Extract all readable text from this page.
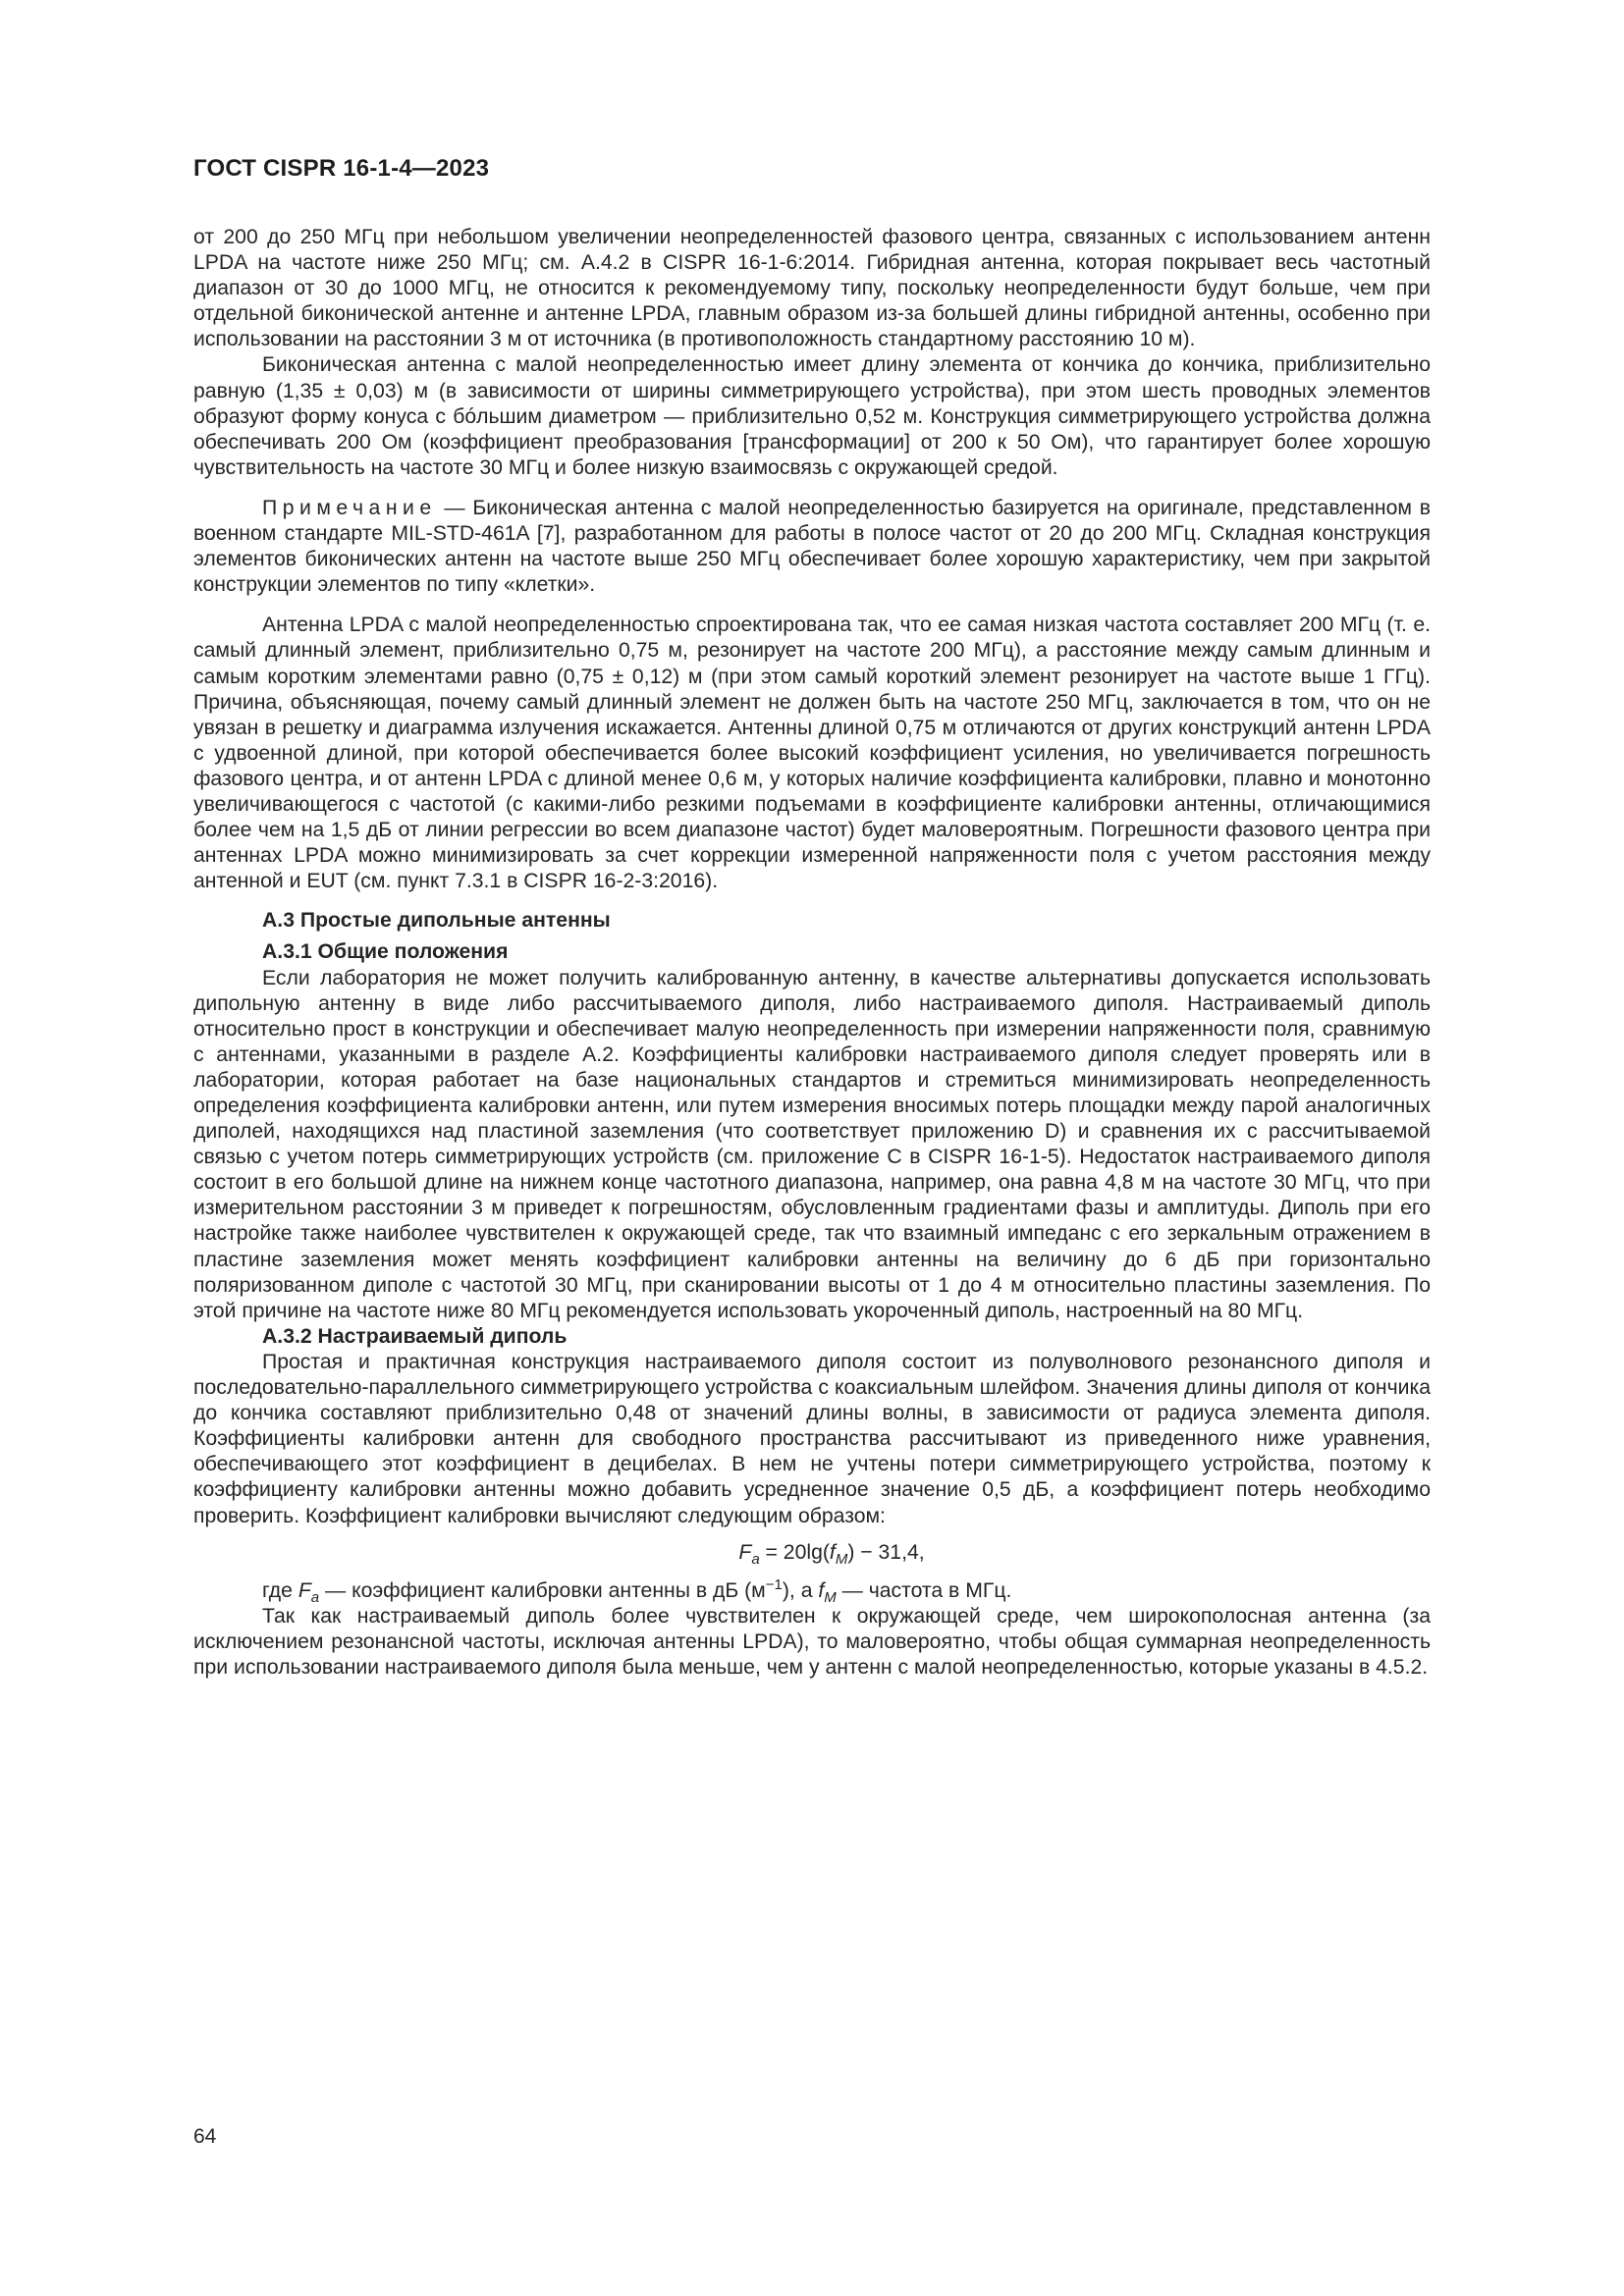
ГОСТ CISPR 16-1-4—2023

от 200 до 250 МГц при небольшом увеличении неопределенностей фазового центра, связанных с использованием антенн LPDA на частоте ниже 250 МГц; см. А.4.2 в CISPR 16-1-6:2014. Гибридная антенна, которая покрывает весь частотный диапазон от 30 до 1000 МГц, не относится к рекомендуемому типу, поскольку неопределенности будут больше, чем при отдельной биконической антенне и антенне LPDA, главным образом из-за большей длины гибридной антенны, особенно при использовании на расстоянии 3 м от источника (в противоположность стандартному расстоянию 10 м).

Биконическая антенна с малой неопределенностью имеет длину элемента от кончика до кончика, приблизительно равную (1,35 ± 0,03) м (в зависимости от ширины симметрирующего устройства), при этом шесть проводных элементов образуют форму конуса с бóльшим диаметром — приблизительно 0,52 м. Конструкция симметрирующего устройства должна обеспечивать 200 Ом (коэффициент преобразования [трансформации] от 200 к 50 Ом), что гарантирует более хорошую чувствительность на частоте 30 МГц и более низкую взаимосвязь с окружающей средой.

Примечание — Биконическая антенна с малой неопределенностью базируется на оригинале, представленном в военном стандарте MIL-STD-461A [7], разработанном для работы в полосе частот от 20 до 200 МГц. Складная конструкция элементов биконических антенн на частоте выше 250 МГц обеспечивает более хорошую характеристику, чем при закрытой конструкции элементов по типу «клетки».

Антенна LPDA с малой неопределенностью спроектирована так, что ее самая низкая частота составляет 200 МГц (т. е. самый длинный элемент, приблизительно 0,75 м, резонирует на частоте 200 МГц), а расстояние между самым длинным и самым коротким элементами равно (0,75 ± 0,12) м (при этом самый короткий элемент резонирует на частоте выше 1 ГГц). Причина, объясняющая, почему самый длинный элемент не должен быть на частоте 250 МГц, заключается в том, что он не увязан в решетку и диаграмма излучения искажается. Антенны длиной 0,75 м отличаются от других конструкций антенн LPDA с удвоенной длиной, при которой обеспечивается более высокий коэффициент усиления, но увеличивается погрешность фазового центра, и от антенн LPDA с длиной менее 0,6 м, у которых наличие коэффициента калибровки, плавно и монотонно увеличивающегося с частотой (с какими-либо резкими подъемами в коэффициенте калибровки антенны, отличающимися более чем на 1,5 дБ от линии регрессии во всем диапазоне частот) будет маловероятным. Погрешности фазового центра при антеннах LPDA можно минимизировать за счет коррекции измеренной напряженности поля с учетом расстояния между антенной и EUT (см. пункт 7.3.1 в CISPR 16-2-3:2016).

А.3 Простые дипольные антенны
А.3.1 Общие положения

Если лаборатория не может получить калиброванную антенну, в качестве альтернативы допускается использовать дипольную антенну в виде либо рассчитываемого диполя, либо настраиваемого диполя. Настраиваемый диполь относительно прост в конструкции и обеспечивает малую неопределенность при измерении напряженности поля, сравнимую с антеннами, указанными в разделе А.2. Коэффициенты калибровки настраиваемого диполя следует проверять или в лаборатории, которая работает на базе национальных стандартов и стремиться минимизировать неопределенность определения коэффициента калибровки антенн, или путем измерения вносимых потерь площадки между парой аналогичных диполей, находящихся над пластиной заземления (что соответствует приложению D) и сравнения их с рассчитываемой связью с учетом потерь симметрирующих устройств (см. приложение С в CISPR 16-1-5). Недостаток настраиваемого диполя состоит в его большой длине на нижнем конце частотного диапазона, например, она равна 4,8 м на частоте 30 МГц, что при измерительном расстоянии 3 м приведет к погрешностям, обусловленным градиентами фазы и амплитуды. Диполь при его настройке также наиболее чувствителен к окружающей среде, так что взаимный импеданс с его зеркальным отражением в пластине заземления может менять коэффициент калибровки антенны на величину до 6 дБ при горизонтально поляризованном диполе с частотой 30 МГц, при сканировании высоты от 1 до 4 м относительно пластины заземления. По этой причине на частоте ниже 80 МГц рекомендуется использовать укороченный диполь, настроенный на 80 МГц.

А.3.2 Настраиваемый диполь

Простая и практичная конструкция настраиваемого диполя состоит из полуволнового резонансного диполя и последовательно-параллельного симметрирующего устройства с коаксиальным шлейфом. Значения длины диполя от кончика до кончика составляют приблизительно 0,48 от значений длины волны, в зависимости от радиуса элемента диполя. Коэффициенты калибровки антенн для свободного пространства рассчитывают из приведенного ниже уравнения, обеспечивающего этот коэффициент в децибелах. В нем не учтены потери симметрирующего устройства, поэтому к коэффициенту калибровки антенны можно добавить усредненное значение 0,5 дБ, а коэффициент потерь необходимо проверить. Коэффициент калибровки вычисляют следующим образом:

$F_a = 20\lg(f_M) - 31,4$,

где $F_a$ — коэффициент калибровки антенны в дБ $(м^{-1})$, а $f_M$ — частота в МГц.

Так как настраиваемый диполь более чувствителен к окружающей среде, чем широкополосная антенна (за исключением резонансной частоты, исключая антенны LPDA), то маловероятно, чтобы общая суммарная неопределенность при использовании настраиваемого диполя была меньше, чем у антенн с малой неопределенностью, которые указаны в 4.5.2.

64
